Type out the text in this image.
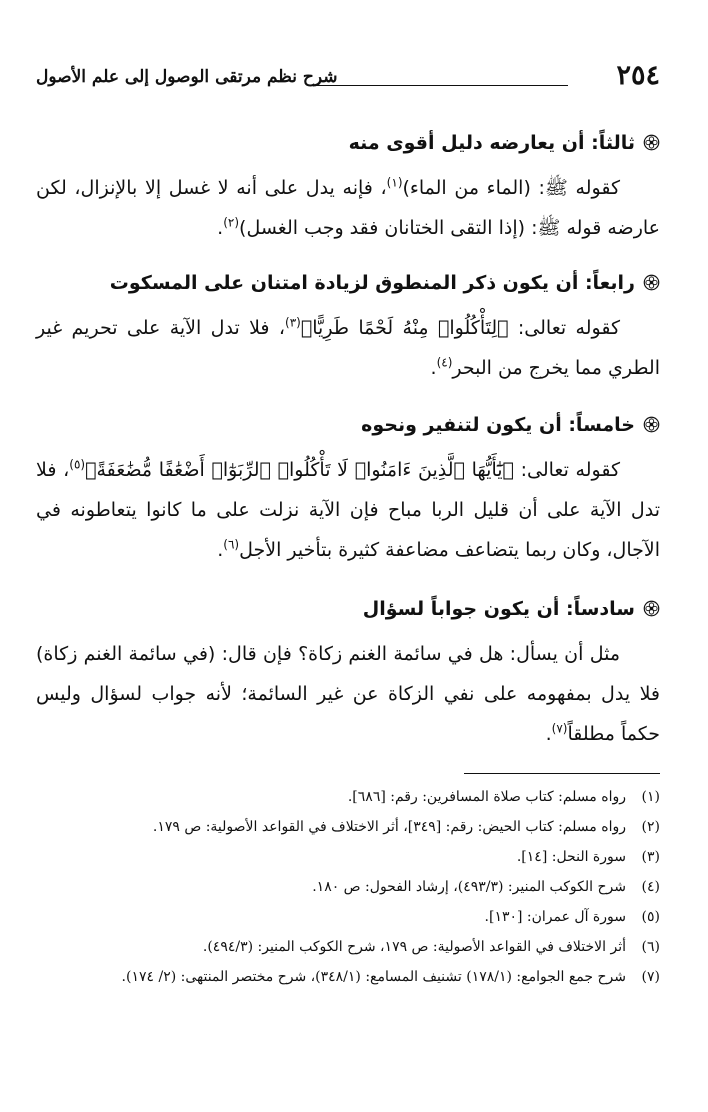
٢٥٤
شرح نظم مرتقى الوصول إلى علم الأصول
ثالثاً: أن يعارضه دليل أقوى منه

كقوله ﷺ: (الماء من الماء)$^{(١)}$، فإنه يدل على أنه لا غسل إلا بالإنزال، لكن عارضه قوله ﷺ: (إذا التقى الختانان فقد وجب الغسل)$^{(٢)}$.

رابعاً: أن يكون ذكر المنطوق لزيادة امتنان على المسكوت

كقوله تعالى: ﴿لِتَأْكُلُوا۟ مِنْهُ لَحْمًا طَرِيًّا﴾$^{(٣)}$، فلا تدل الآية على تحريم غير الطري مما يخرج من البحر$^{(٤)}$.

خامساً: أن يكون لتنفير ونحوه

كقوله تعالى: ﴿يَٰٓأَيُّهَا ٱلَّذِينَ ءَامَنُوا۟ لَا تَأْكُلُوا۟ ٱلرِّبَوٰٓا۟ أَضْعَٰفًا مُّضَٰعَفَةً﴾$^{(٥)}$، فلا تدل الآية على أن قليل الربا مباح فإن الآية نزلت على ما كانوا يتعاطونه في الآجال، وكان ربما يتضاعف مضاعفة كثيرة بتأخير الأجل$^{(٦)}$.

سادساً: أن يكون جواباً لسؤال

مثل أن يسأل: هل في سائمة الغنم زكاة؟ فإن قال: (في سائمة الغنم زكاة) فلا يدل بمفهومه على نفي الزكاة عن غير السائمة؛ لأنه جواب لسؤال وليس حكماً مطلقاً$^{(٧)}$.

(١)
رواه مسلم: كتاب صلاة المسافرين: رقم: [٦٨٦].
(٢)
رواه مسلم: كتاب الحيض: رقم: [٣٤٩]، أثر الاختلاف في القواعد الأصولية: ص ١٧٩.
(٣)
سورة النحل: [١٤].
(٤)
شرح الكوكب المنير: (٤٩٣/٣)، إرشاد الفحول: ص ١٨٠.
(٥)
سورة آل عمران: [١٣٠].
(٦)
أثر الاختلاف في القواعد الأصولية: ص ١٧٩، شرح الكوكب المنير: (٤٩٤/٣).
(٧)
شرح جمع الجوامع: (١٧٨/١) تشنيف المسامع: (٣٤٨/١)، شرح مختصر المنتهى: (٢/ ١٧٤).
